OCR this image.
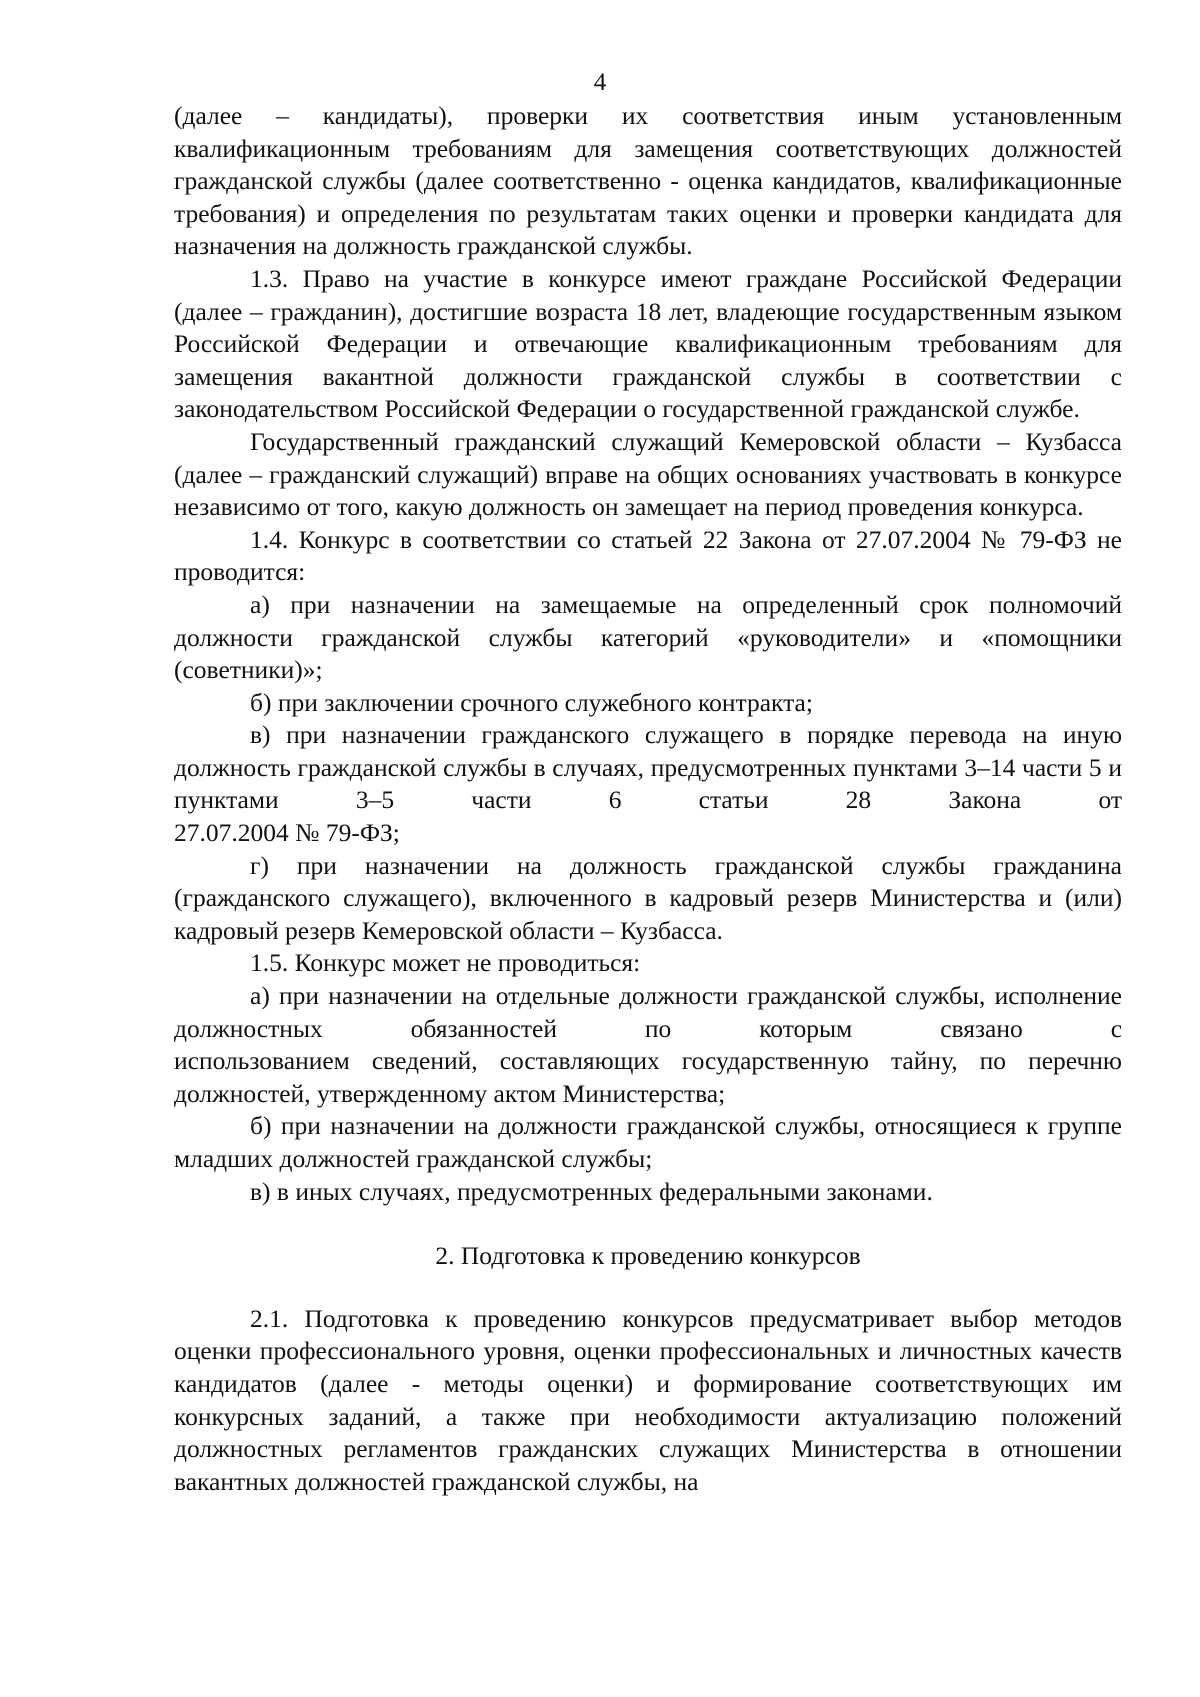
4

(далее – кандидаты), проверки их соответствия иным установленным квалификационным требованиям для замещения соответствующих должностей гражданской службы (далее соответственно - оценка кандидатов, квалификационные требования) и определения по результатам таких оценки и проверки кандидата для назначения на должность гражданской службы.

1.3. Право на участие в конкурсе имеют граждане Российской Федерации (далее – гражданин), достигшие возраста 18 лет, владеющие государственным языком Российской Федерации и отвечающие квалификационным требованиям для замещения вакантной должности гражданской службы в соответствии с законодательством Российской Федерации о государственной гражданской службе.

Государственный гражданский служащий Кемеровской области – Кузбасса (далее – гражданский служащий) вправе на общих основаниях участвовать в конкурсе независимо от того, какую должность он замещает на период проведения конкурса.

1.4. Конкурс в соответствии со статьей 22 Закона от 27.07.2004 № 79-ФЗ не проводится:

а) при назначении на замещаемые на определенный срок полномочий должности гражданской службы категорий «руководители» и «помощники (советники)»;

б) при заключении срочного служебного контракта;

в) при назначении гражданского служащего в порядке перевода на иную должность гражданской службы в случаях, предусмотренных пунктами 3–14 части 5 и пунктами 3–5 части 6 статьи 28 Закона	от

27.07.2004 № 79-ФЗ;

г) при назначении на должность гражданской службы гражданина (гражданского служащего), включенного в кадровый резерв Министерства и (или) кадровый резерв Кемеровской области – Кузбасса.

1.5. Конкурс может не проводиться:

а) при назначении на отдельные должности гражданской службы, исполнение должностных обязанностей по которым связано	с

использованием сведений, составляющих государственную тайну, по перечню должностей, утвержденному актом Министерства;

б) при назначении на должности гражданской службы, относящиеся к группе младших должностей гражданской службы;

в) в иных случаях, предусмотренных федеральными законами.

2. Подготовка к проведению конкурсов

2.1. Подготовка к проведению конкурсов предусматривает выбор методов оценки профессионального уровня, оценки профессиональных и личностных качеств кандидатов (далее - методы оценки) и формирование соответствующих им конкурсных заданий, а также при необходимости актуализацию положений должностных регламентов гражданских служащих Министерства в отношении вакантных должностей гражданской службы, на
